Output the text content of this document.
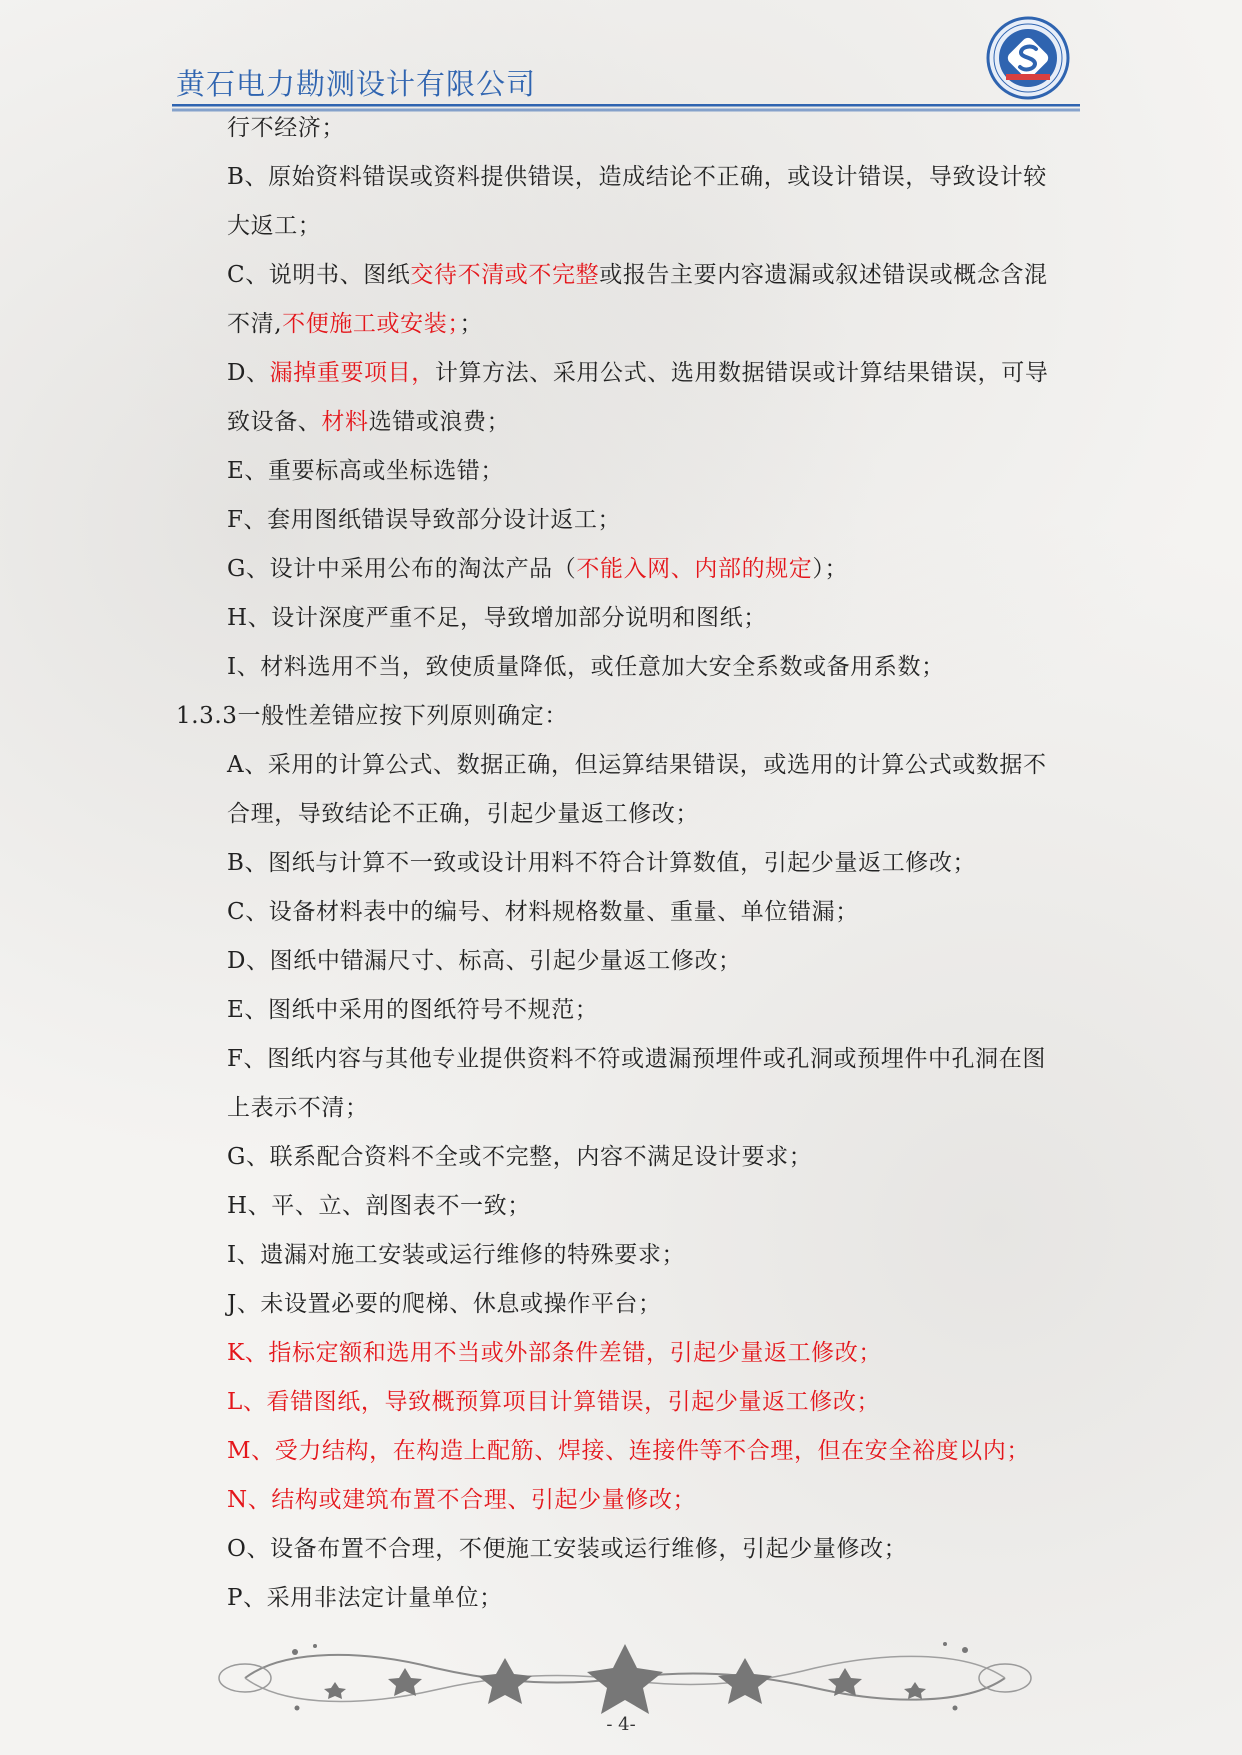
黄石电力勘测设计有限公司
行不经济；
B、原始资料错误或资料提供错误，造成结论不正确，或设计错误，导致设计较
大返工；
C、说明书、图纸交待不清或不完整或报告主要内容遗漏或叙述错误或概念含混
不清,不便施工或安装；；
D、漏掉重要项目，计算方法、采用公式、选用数据错误或计算结果错误，可导
致设备、材料选错或浪费；
E、重要标高或坐标选错；
F、套用图纸错误导致部分设计返工；
G、设计中采用公布的淘汰产品（不能入网、内部的规定）；
H、设计深度严重不足，导致增加部分说明和图纸；
I、材料选用不当，致使质量降低，或任意加大安全系数或备用系数；
1.3.3一般性差错应按下列原则确定：
A、采用的计算公式、数据正确，但运算结果错误，或选用的计算公式或数据不
合理，导致结论不正确，引起少量返工修改；
B、图纸与计算不一致或设计用料不符合计算数值，引起少量返工修改；
C、设备材料表中的编号、材料规格数量、重量、单位错漏；
D、图纸中错漏尺寸、标高、引起少量返工修改；
E、图纸中采用的图纸符号不规范；
F、图纸内容与其他专业提供资料不符或遗漏预埋件或孔洞或预埋件中孔洞在图
上表示不清；
G、联系配合资料不全或不完整，内容不满足设计要求；
H、平、立、剖图表不一致；
I、遗漏对施工安装或运行维修的特殊要求；
J、未设置必要的爬梯、休息或操作平台；
K、指标定额和选用不当或外部条件差错，引起少量返工修改；
L、看错图纸，导致概预算项目计算错误，引起少量返工修改；
M、受力结构，在构造上配筋、焊接、连接件等不合理，但在安全裕度以内；
N、结构或建筑布置不合理、引起少量修改；
O、设备布置不合理，不便施工安装或运行维修，引起少量修改；
P、采用非法定计量单位；
- 4-
